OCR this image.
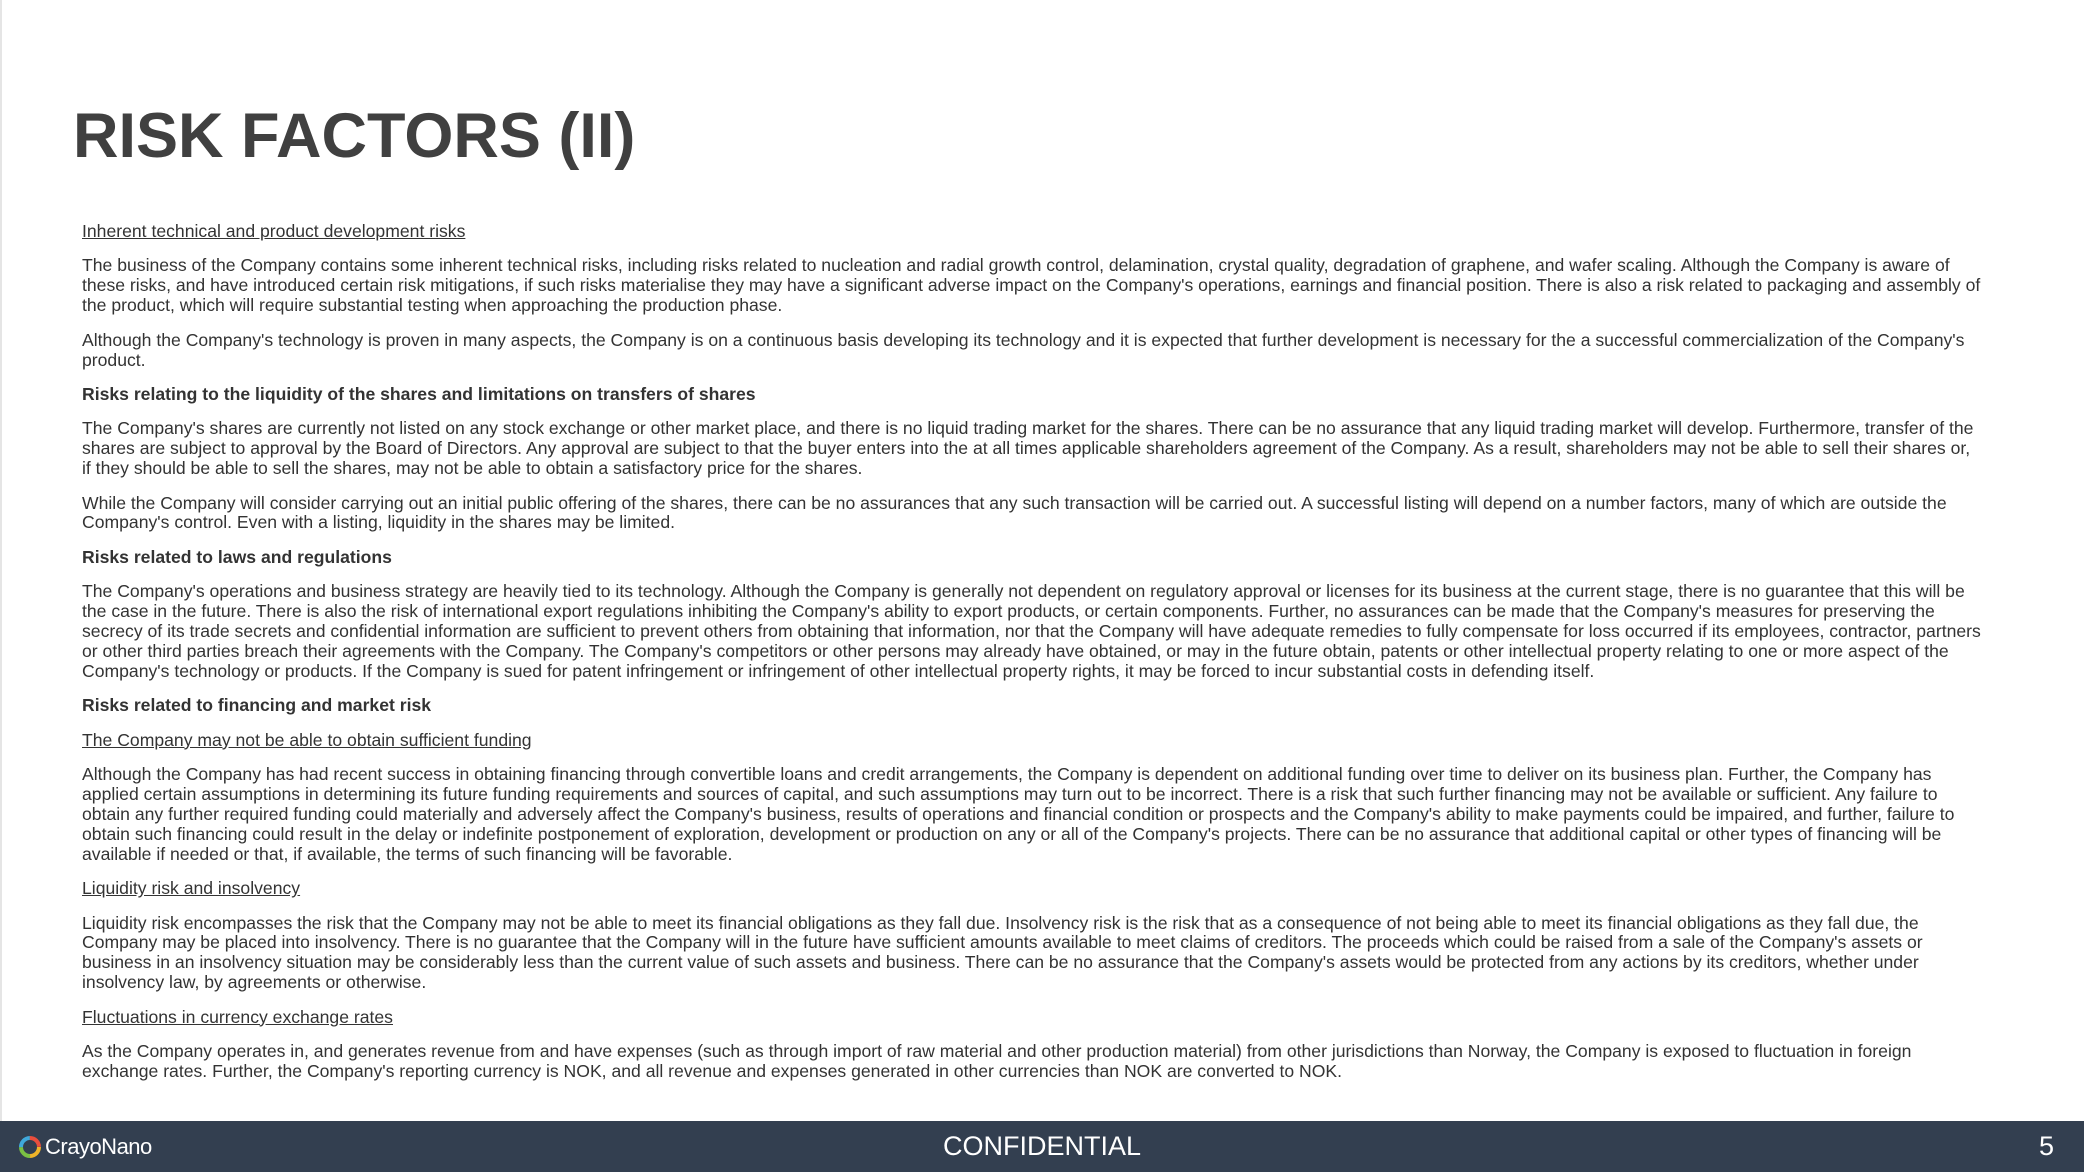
RISK FACTORS (II)

Inherent technical and product development risks

The business of the Company contains some inherent technical risks, including risks related to nucleation and radial growth control, delamination, crystal quality, degradation of graphene, and wafer scaling. Although the Company is aware of these risks, and have introduced certain risk mitigations, if such risks materialise they may have a significant adverse impact on the Company's operations, earnings and financial position. There is also a risk related to packaging and assembly of the product, which will require substantial testing when approaching the production phase.

Although the Company's technology is proven in many aspects, the Company is on a continuous basis developing its technology and it is expected that further development is necessary for the a successful commercialization of the Company's product.

Risks relating to the liquidity of the shares and limitations on transfers of shares

The Company's shares are currently not listed on any stock exchange or other market place, and there is no liquid trading market for the shares. There can be no assurance that any liquid trading market will develop. Furthermore, transfer of the shares are subject to approval by the Board of Directors. Any approval are subject to that the buyer enters into the at all times applicable shareholders agreement of the Company. As a result, shareholders may not be able to sell their shares or, if they should be able to sell the shares, may not be able to obtain a satisfactory price for the shares.

While the Company will consider carrying out an initial public offering of the shares, there can be no assurances that any such transaction will be carried out. A successful listing will depend on a number factors, many of which are outside the Company's control. Even with a listing, liquidity in the shares may be limited.

Risks related to laws and regulations

The Company's operations and business strategy are heavily tied to its technology. Although the Company is generally not dependent on regulatory approval or licenses for its business at the current stage, there is no guarantee that this will be the case in the future. There is also the risk of international export regulations inhibiting the Company's ability to export products, or certain components. Further, no assurances can be made that the Company's measures for preserving the secrecy of its trade secrets and confidential information are sufficient to prevent others from obtaining that information, nor that the Company will have adequate remedies to fully compensate for loss occurred if its employees, contractor, partners or other third parties breach their agreements with the Company. The Company's competitors or other persons may already have obtained, or may in the future obtain, patents or other intellectual property relating to one or more aspect of the Company's technology or products. If the Company is sued for patent infringement or infringement of other intellectual property rights, it may be forced to incur substantial costs in defending itself.

Risks related to financing and market risk

The Company may not be able to obtain sufficient funding

Although the Company has had recent success in obtaining financing through convertible loans and credit arrangements, the Company is dependent on additional funding over time to deliver on its business plan. Further, the Company has applied certain assumptions in determining its future funding requirements and sources of capital, and such assumptions may turn out to be incorrect. There is a risk that such further financing may not be available or sufficient. Any failure to obtain any further required funding could materially and adversely affect the Company's business, results of operations and financial condition or prospects and the Company's ability to make payments could be impaired, and further, failure to obtain such financing could result in the delay or indefinite postponement of exploration, development or production on any or all of the Company's projects. There can be no assurance that additional capital or other types of financing will be available if needed or that, if available, the terms of such financing will be favorable.

Liquidity risk and insolvency

Liquidity risk encompasses the risk that the Company may not be able to meet its financial obligations as they fall due. Insolvency risk is the risk that as a consequence of not being able to meet its financial obligations as they fall due, the Company may be placed into insolvency. There is no guarantee that the Company will in the future have sufficient amounts available to meet claims of creditors. The proceeds which could be raised from a sale of the Company's assets or business in an insolvency situation may be considerably less than the current value of such assets and business. There can be no assurance that the Company's assets would be protected from any actions by its creditors, whether under insolvency law, by agreements or otherwise.

Fluctuations in currency exchange rates

As the Company operates in, and generates revenue from and have expenses (such as through import of raw material and other production material) from other jurisdictions than Norway, the Company is exposed to fluctuation in foreign exchange rates. Further, the Company's reporting currency is NOK, and all revenue and expenses generated in other currencies than NOK are converted to NOK.

CrayoNano	CONFIDENTIAL	5
